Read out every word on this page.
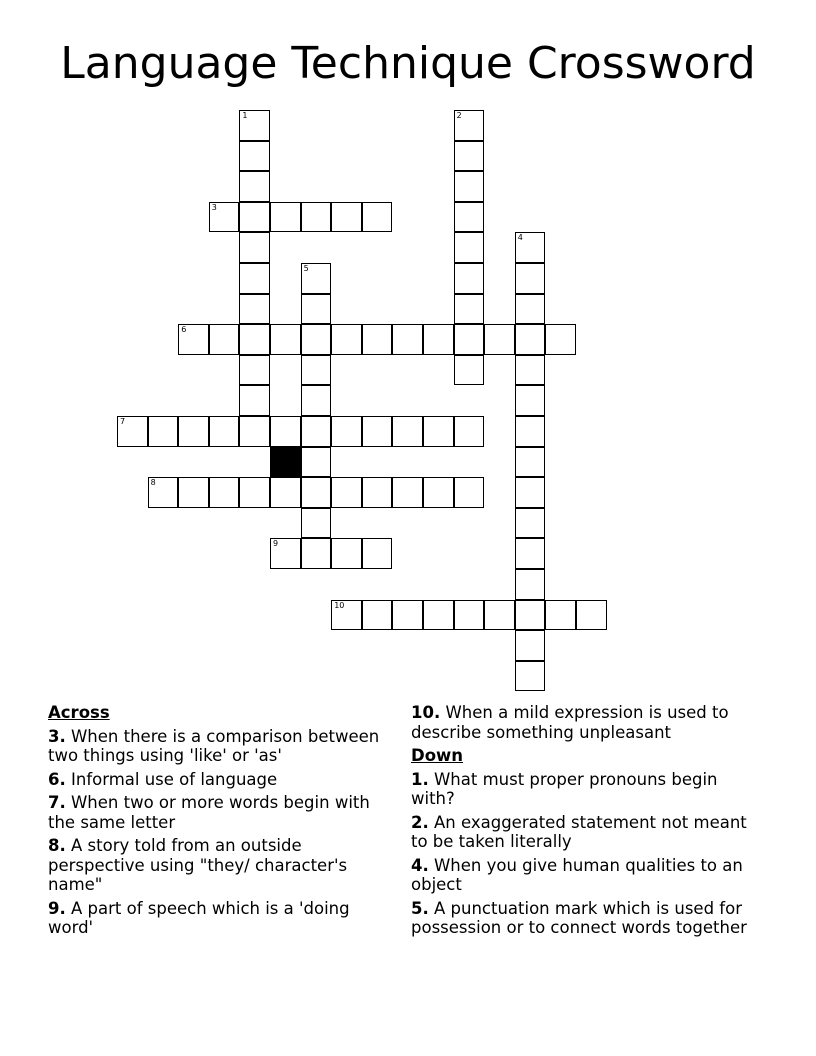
Language Technique Crossword
1	2
3
4
5
6
7
8
9
10
Across
3. When there is a comparison between two things using 'like' or 'as'
6. Informal use of language
7. When two or more words begin with the same letter
8. A story told from an outside perspective using "they/ character's name"
9. A part of speech which is a 'doing word'
10. When a mild expression is used to describe something unpleasant
Down
1. What must proper pronouns begin with?
2. An exaggerated statement not meant to be taken literally
4. When you give human qualities to an object
5. A punctuation mark which is used for possession or to connect words together
